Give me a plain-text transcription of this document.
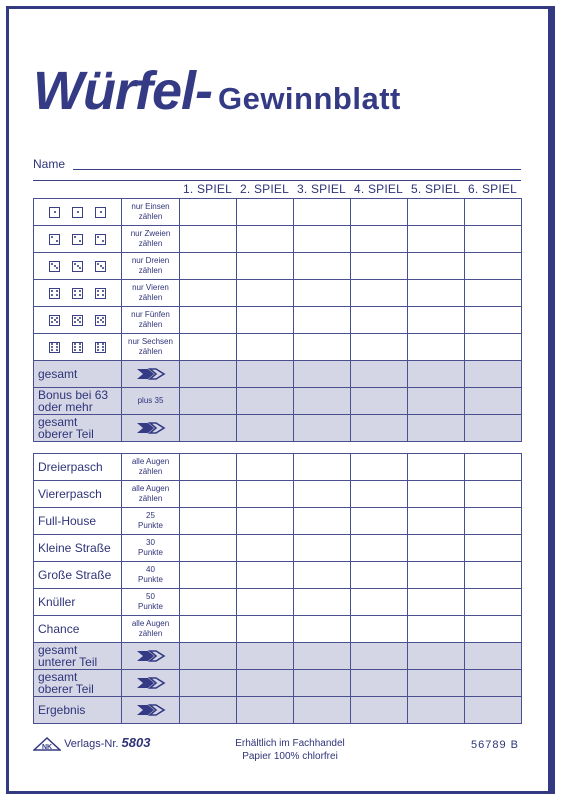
Würfel- Gewinnblatt
Name
1. SPIEL 2. SPIEL 3. SPIEL 4. SPIEL 5. SPIEL 6. SPIEL

	nur Einsen
zählen						

	nur Zweien
zählen						

	nur Dreien
zählen						

	nur Vieren
zählen						

	nur Fünfen
zählen						

	nur Sechsen
zählen						

gesamt

Bonus bei 63
oder mehr	plus 35						

gesamt
oberer Teil

Dreierpasch	alle Augen
zählen						

Viererpasch	alle Augen
zählen						

Full-House	25
Punkte						

Kleine Straße	30
Punkte						

Große Straße	40
Punkte						

Knüller	50
Punkte						

Chance	alle Augen
zählen						

gesamt
unterer Teil

gesamt
oberer Teil

Ergebnis

NK Verlags-Nr. 5803	Erhältlich im Fachhandel
Papier 100% chlorfrei
56789 B
